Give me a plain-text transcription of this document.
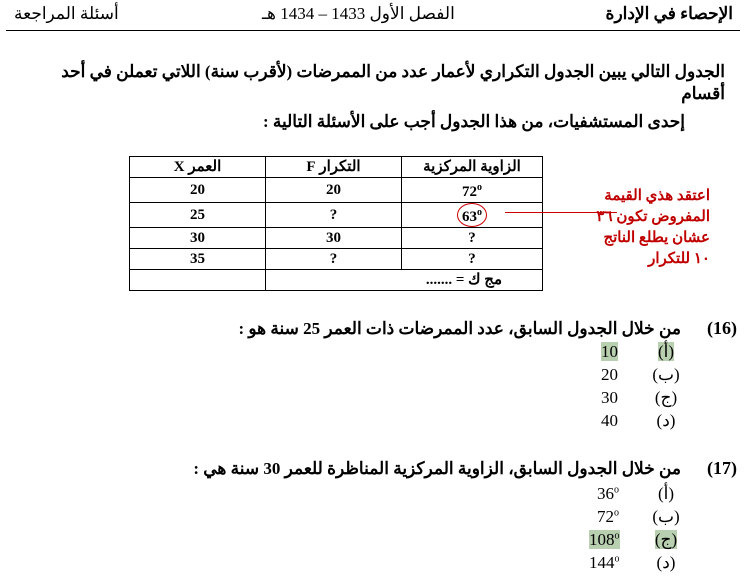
الإحصاء في الإدارة
الفصل الأول 1433 – 1434 هـ
أسئلة المراجعة
الجدول التالي يبين الجدول التكراري لأعمار عدد من الممرضات (لأقرب سنة) اللاتي تعملن في أحد
أقسام
إحدى المستشفيات، من هذا الجدول أجب على الأسئلة التالية :
الزاوية المركزية	التكرار F	العمر X
72$^o$	20	20
63$^o$	?	25
?	30	30
?	?	35
مج ك = .......		
اعتقد هذي القيمة
المفروض تكون ٣٦
عشان يطلع الناتج
١٠ للتكرار
(16)
من خلال الجدول السابق، عدد الممرضات ذات العمر 25 سنة هو :
(أ)
10
(ب)
20
(ج)
30
(د)
40
(17)
من خلال الجدول السابق، الزاوية المركزية المناظرة للعمر 30 سنة هي :
(أ)
36$^o$
(ب)
72$^o$
(ج)
108$^o$
(د)
144$^o$
